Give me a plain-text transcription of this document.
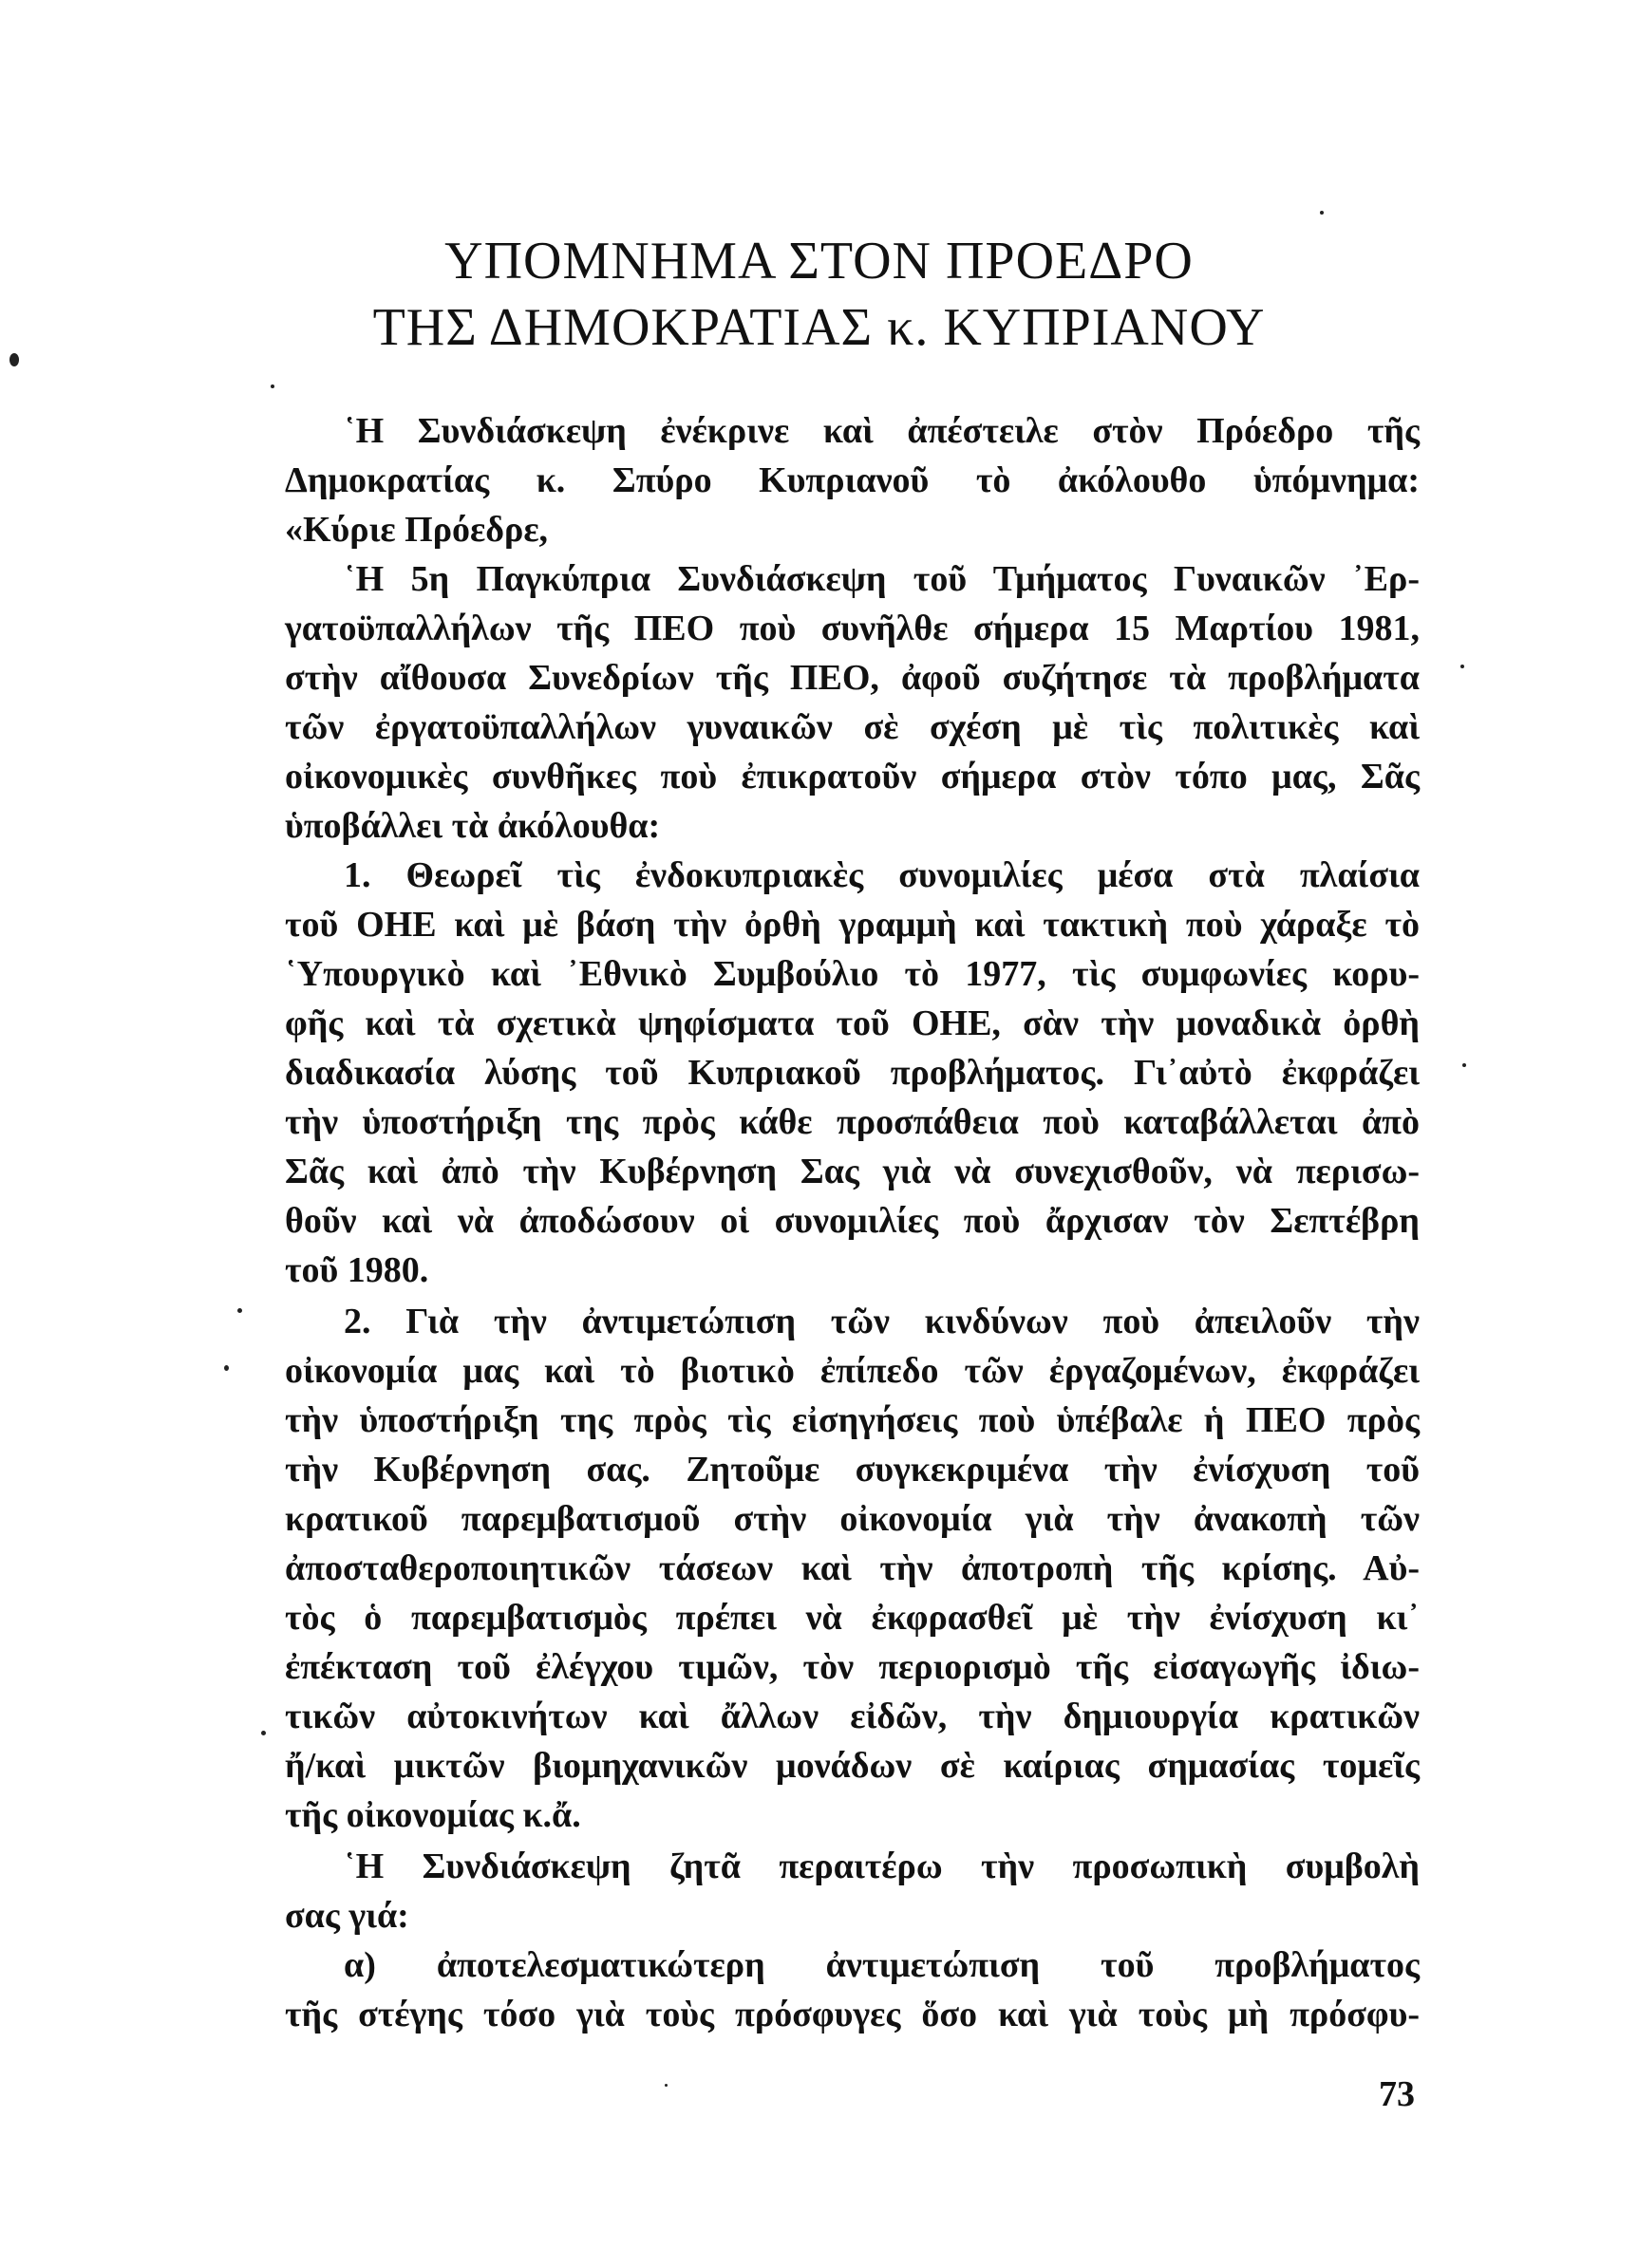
ΥΠΟΜΝΗΜΑ ΣΤΟΝ ΠΡΟΕΔΡΟ
ΤΗΣ ΔΗΜΟΚΡΑΤΙΑΣ κ. ΚΥΠΡΙΑΝΟΥ
῾Η Συνδιάσκεψη ἐνέκρινε καὶ ἀπέστειλε στὸν Πρόεδρο τῆς
Δημοκρατίας κ. Σπύρο Κυπριανοῦ τὸ ἀκόλουθο ὑπόμνημα:
«Κύριε Πρόεδρε,
῾Η 5η Παγκύπρια Συνδιάσκεψη τοῦ Τμήματος Γυναικῶν ᾿Ερ-
γατοϋπαλλήλων τῆς ΠΕΟ ποὺ συνῆλθε σήμερα 15 Μαρτίου 1981,
στὴν αἴθουσα Συνεδρίων τῆς ΠΕΟ, ἀφοῦ συζήτησε τὰ προβλήματα
τῶν ἐργατοϋπαλλήλων γυναικῶν σὲ σχέση μὲ τὶς πολιτικὲς καὶ
οἰκονομικὲς συνθῆκες ποὺ ἐπικρατοῦν σήμερα στὸν τόπο μας, Σᾶς
ὑποβάλλει τὰ ἀκόλουθα:
1. Θεωρεῖ τὶς ἐνδοκυπριακὲς συνομιλίες μέσα στὰ πλαίσια
τοῦ ΟΗΕ καὶ μὲ βάση τὴν ὀρθὴ γραμμὴ καὶ τακτικὴ ποὺ χάραξε τὸ
῾Υπουργικὸ καὶ ᾿Εθνικὸ Συμβούλιο τὸ 1977, τὶς συμφωνίες κορυ-
φῆς καὶ τὰ σχετικὰ ψηφίσματα τοῦ ΟΗΕ, σὰν τὴν μοναδικὰ ὀρθὴ
διαδικασία λύσης τοῦ Κυπριακοῦ προβλήματος. Γι᾿αὐτὸ ἐκφράζει
τὴν ὑποστήριξη της πρὸς κάθε προσπάθεια ποὺ καταβάλλεται ἀπὸ
Σᾶς καὶ ἀπὸ τὴν Κυβέρνηση Σας γιὰ νὰ συνεχισθοῦν, νὰ περισω-
θοῦν καὶ νὰ ἀποδώσουν οἱ συνομιλίες ποὺ ἄρχισαν τὸν Σεπτέβρη
τοῦ 1980.
2. Γιὰ τὴν ἀντιμετώπιση τῶν κινδύνων ποὺ ἀπειλοῦν τὴν
οἰκονομία μας καὶ τὸ βιοτικὸ ἐπίπεδο τῶν ἐργαζομένων, ἐκφράζει
τὴν ὑποστήριξη της πρὸς τὶς εἰσηγήσεις ποὺ ὑπέβαλε ἡ ΠΕΟ πρὸς
τὴν Κυβέρνηση σας. Ζητοῦμε συγκεκριμένα τὴν ἐνίσχυση τοῦ
κρατικοῦ παρεμβατισμοῦ στὴν οἰκονομία γιὰ τὴν ἀνακοπὴ τῶν
ἀποσταθεροποιητικῶν τάσεων καὶ τὴν ἀποτροπὴ τῆς κρίσης. Αὐ-
τὸς ὁ παρεμβατισμὸς πρέπει νὰ ἐκφρασθεῖ μὲ τὴν ἐνίσχυση κι᾿
ἐπέκταση τοῦ ἐλέγχου τιμῶν, τὸν περιορισμὸ τῆς εἰσαγωγῆς ἰδιω-
τικῶν αὐτοκινήτων καὶ ἄλλων εἰδῶν, τὴν δημιουργία κρατικῶν
ἤ/καὶ μικτῶν βιομηχανικῶν μονάδων σὲ καίριας σημασίας τομεῖς
τῆς οἰκονομίας κ.ἄ.
῾Η Συνδιάσκεψη ζητᾶ περαιτέρω τὴν προσωπικὴ συμβολὴ
σας γιά:
α) ἀποτελεσματικώτερη ἀντιμετώπιση τοῦ προβλήματος
τῆς στέγης τόσο γιὰ τοὺς πρόσφυγες ὅσο καὶ γιὰ τοὺς μὴ πρόσφυ-
73
